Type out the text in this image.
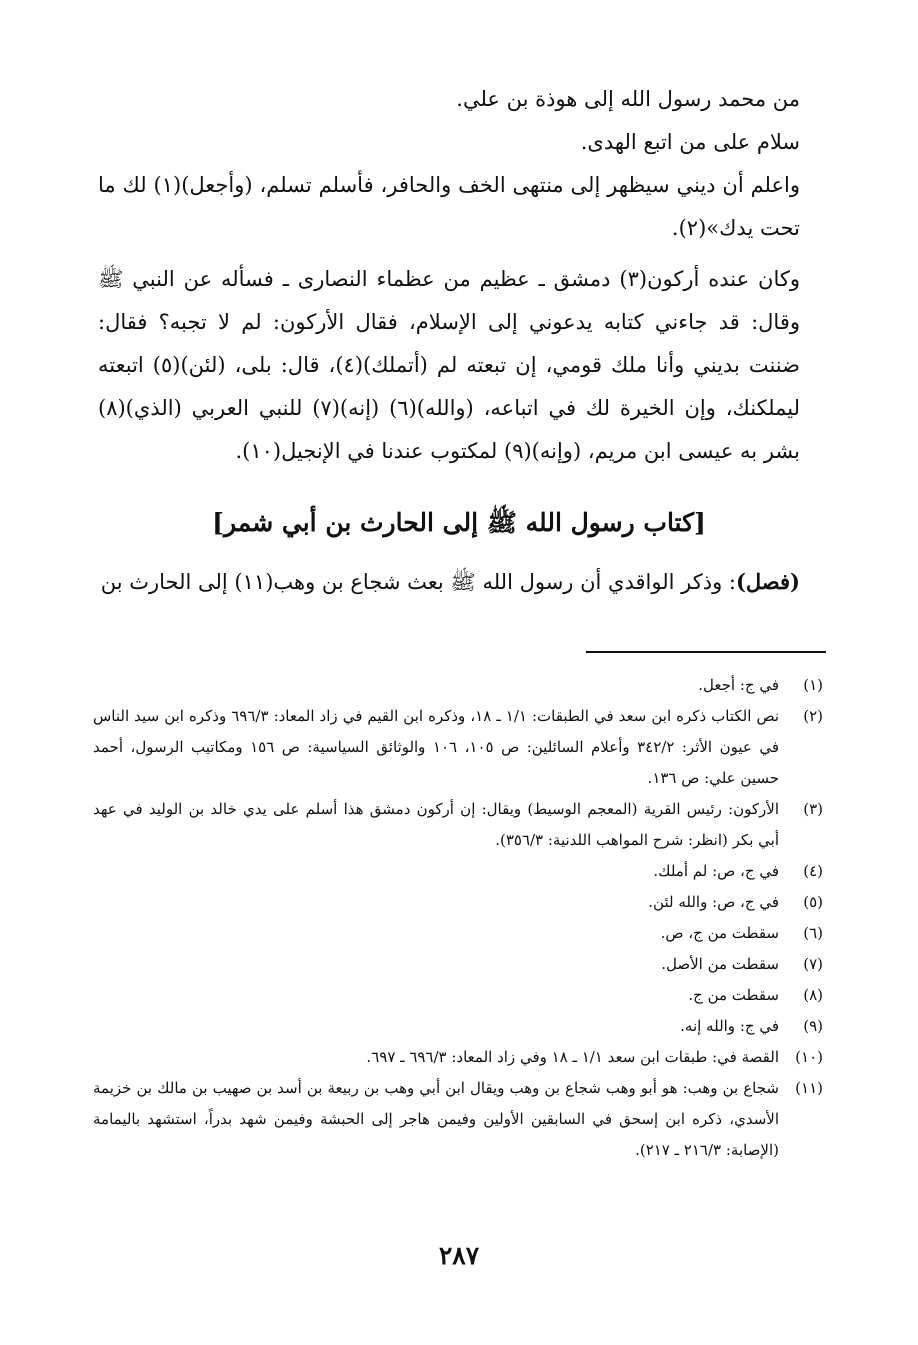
من محمد رسول الله إلى هوذة بن علي.

سلام على من اتبع الهدى.

واعلم أن ديني سيظهر إلى منتهى الخف والحافر، فأسلم تسلم، (وأجعل)(١) لك ما تحت يدك»(٢).

وكان عنده أركون(٣) دمشق ـ عظيم من عظماء النصارى ـ فسأله عن النبي ﷺ وقال: قد جاءني كتابه يدعوني إلى الإسلام، فقال الأركون: لم لا تجبه؟ فقال: ضننت بديني وأنا ملك قومي، إن تبعته لم (أتملك)(٤)، قال: بلى، (لئن)(٥) اتبعته ليملكنك، وإن الخيرة لك في اتباعه، (والله)(٦) (إنه)(٧) للنبي العربي (الذي)(٨) بشر به عيسى ابن مريم، (وإنه)(٩) لمكتوب عندنا في الإنجيل(١٠).

[كتاب رسول الله ﷺ إلى الحارث بن أبي شمر]
(فصل): وذكر الواقدي أن رسول الله ﷺ بعث شجاع بن وهب(١١) إلى الحارث بن
(١)
في ج: أجعل.
(٢)
نص الكتاب ذكره ابن سعد في الطبقات: ١/١ ـ ١٨، وذكره ابن القيم في زاد المعاد: ٦٩٦/٣ وذكره ابن سيد الناس في عيون الأثر: ٣٤٢/٢ وأعلام السائلين: ص ١٠٥، ١٠٦ والوثائق السياسية: ص ١٥٦ ومكاتيب الرسول، أحمد حسين علي: ص ١٣٦.
(٣)
الأركون: رئيس القرية (المعجم الوسيط) ويقال: إن أركون دمشق هذا أسلم على يدي خالد بن الوليد في عهد أبي بكر (انظر: شرح المواهب اللدنية: ٣٥٦/٣).
(٤)
في ج، ص: لم أملك.
(٥)
في ج، ص: والله لئن.
(٦)
سقطت من ج، ص.
(٧)
سقطت من الأصل.
(٨)
سقطت من ج.
(٩)
في ج: والله إنه.
(١٠)
القصة في: طبقات ابن سعد ١/١ ـ ١٨ وفي زاد المعاد: ٦٩٦/٣ ـ ٦٩٧.
(١١)
شجاع بن وهب: هو أبو وهب شجاع بن وهب ويقال ابن أبي وهب بن ربيعة بن أسد بن صهيب بن مالك بن خزيمة الأسدي، ذكره ابن إسحق في السابقين الأولين وفيمن هاجر إلى الحبشة وفيمن شهد بدراً، استشهد باليمامة (الإصابة: ٢١٦/٣ ـ ٢١٧).
٢٨٧
